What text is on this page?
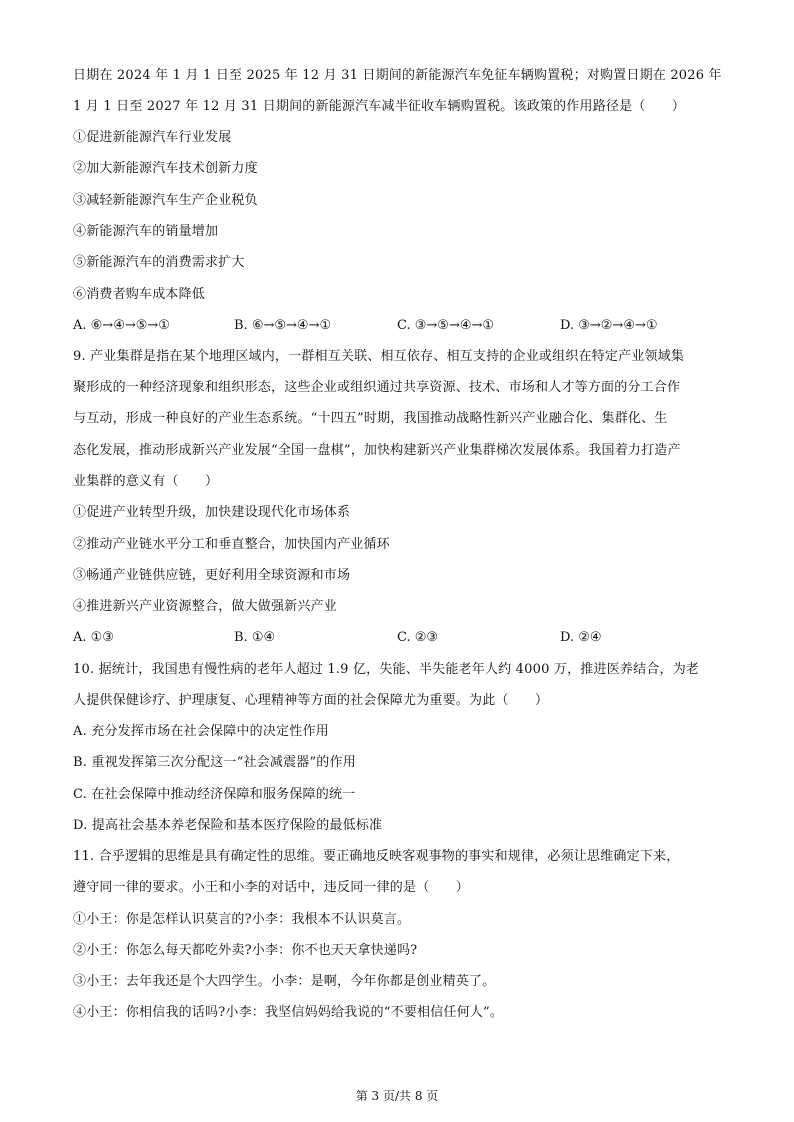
日期在 2024 年 1 月 1 日至 2025 年 12 月 31 日期间的新能源汽车免征车辆购置税；对购置日期在 2026 年
1 月 1 日至 2027 年 12 月 31 日期间的新能源汽车减半征收车辆购置税。该政策的作用路径是（　　）
①促进新能源汽车行业发展
②加大新能源汽车技术创新力度
③减轻新能源汽车生产企业税负
④新能源汽车的销量增加
⑤新能源汽车的消费需求扩大
⑥消费者购车成本降低
A. ⑥→④→⑤→①	B. ⑥→⑤→④→①	C. ③→⑤→④→①	D. ③→②→④→①
9. 产业集群是指在某个地理区域内，一群相互关联、相互依存、相互支持的企业或组织在特定产业领域集
聚形成的一种经济现象和组织形态，这些企业或组织通过共享资源、技术、市场和人才等方面的分工合作
与互动，形成一种良好的产业生态系统。“十四五”时期，我国推动战略性新兴产业融合化、集群化、生
态化发展，推动形成新兴产业发展“全国一盘棋”，加快构建新兴产业集群梯次发展体系。我国着力打造产
业集群的意义有（　　）
①促进产业转型升级，加快建设现代化市场体系
②推动产业链水平分工和垂直整合，加快国内产业循环
③畅通产业链供应链，更好利用全球资源和市场
④推进新兴产业资源整合，做大做强新兴产业
A. ①③	B. ①④	C. ②③	D. ②④
10. 据统计，我国患有慢性病的老年人超过 1.9 亿，失能、半失能老年人约 4000 万，推进医养结合，为老
人提供保健诊疗、护理康复、心理精神等方面的社会保障尤为重要。为此（　　）
A. 充分发挥市场在社会保障中的决定性作用
B. 重视发挥第三次分配这一“社会减震器”的作用
C. 在社会保障中推动经济保障和服务保障的统一
D. 提高社会基本养老保险和基本医疗保险的最低标准
11. 合乎逻辑的思维是具有确定性的思维。要正确地反映客观事物的事实和规律，必须让思维确定下来，
遵守同一律的要求。小王和小李的对话中，违反同一律的是（　　）
①小王：你是怎样认识莫言的?小李：我根本不认识莫言。
②小王：你怎么每天都吃外卖?小李：你不也天天拿快递吗?
③小王：去年我还是个大四学生。小李：是啊，今年你都是创业精英了。
④小王：你相信我的话吗?小李：我坚信妈妈给我说的“不要相信任何人”。
第 3 页/共 8 页
